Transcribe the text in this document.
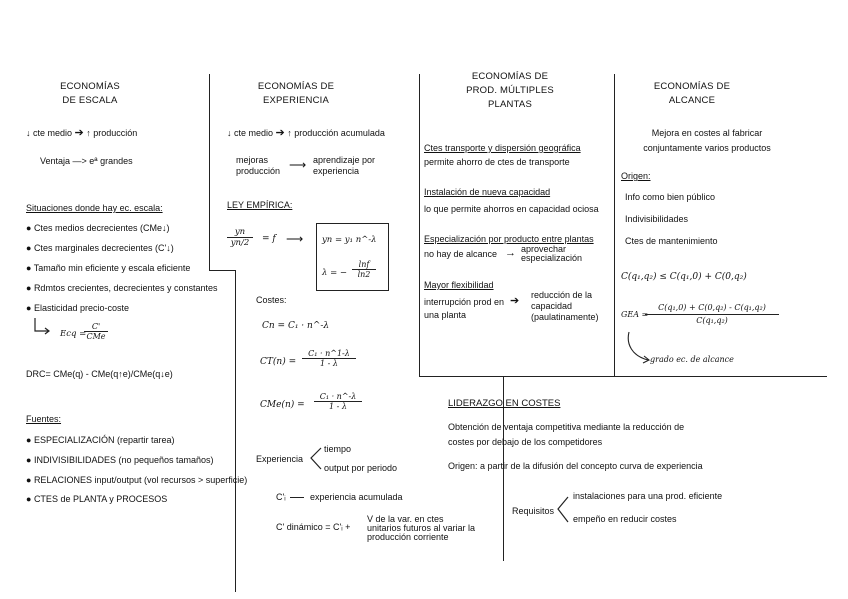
ECONOMÍAS
DE ESCALA
↓ cte medio ➔ ↑ producción
Ventaja —> eª grandes
Situaciones donde hay ec. escala:
● Ctes medios decrecientes (CMe↓)
● Ctes marginales decrecientes (C'↓)
● Tamaño min eficiente y escala eficiente
● Rdmtos crecientes, decrecientes y constantes
● Elasticidad precio-coste
Ecq =
C'
CMe
DRC= CMe(q) - CMe(q↑e)/CMe(q↓e)
Fuentes:
● ESPECIALIZACIÓN (repartir tarea)
● INDIVISIBILIDADES (no pequeños tamaños)
● RELACIONES input/output (vol recursos > superficie)
● CTES de PLANTA y PROCESOS
ECONOMÍAS DE
EXPERIENCIA
↓ cte medio ➔ ↑ producción acumulada
mejoras
producción ⟶ aprendizaje por
experiencia
LEY EMPÍRICA:
$\frac{yn}{yn/2} = f$ ⟶ yn = y₁ n^-λ
λ = − $\frac{\ln f}{\ln 2}$
Costes:
Cn = C₁ · n^-λ
$CT(n) = \frac{\text{C₁ · n\textasciicircum{}1-λ}}{1 - \lambda}$
$CMe(n) = \frac{\text{C₁ · n\textasciicircum{}-λ}}{1 - \lambda}$
Experiencia
tiempo
output por periodo
C'ᵢ	experiencia acumulada
C' dinámico = C'ᵢ +
V de la var. en ctes
unitarios futuros al variar la
producción corriente
ECONOMÍAS DE
PROD. MÚLTIPLES
PLANTAS
Ctes transporte y dispersión geográfica
permite ahorro de ctes de transporte
Instalación de nueva capacidad
lo que permite ahorros en capacidad ociosa
Especialización por producto entre plantas
no hay de alcance → aprovechar
especialización
Mayor flexibilidad
interrupción prod en
una planta
➔ reducción de la
capacidad
(paulatinamente)
ECONOMÍAS DE
ALCANCE
Mejora en costes al fabricar
conjuntamente varios productos
Origen:
Info como bien público
Indivisibilidades
Ctes de mantenimiento
C(q₁,q₂) ≤ C(q₁,0) + C(0,q₂)
GEA =
$\frac{\text{C(q₁,0) + C(0,q₂) - C(q₁,q₂)}}{\text{C(q₁,q₂)}}$
grado ec. de alcance
LIDERAZGO EN COSTES
Obtención de ventaja competitiva mediante la reducción de
costes por debajo de los competidores
Origen: a partir de la difusión del concepto curva de experiencia
Requisitos
instalaciones para una prod. eficiente
empeño en reducir costes
